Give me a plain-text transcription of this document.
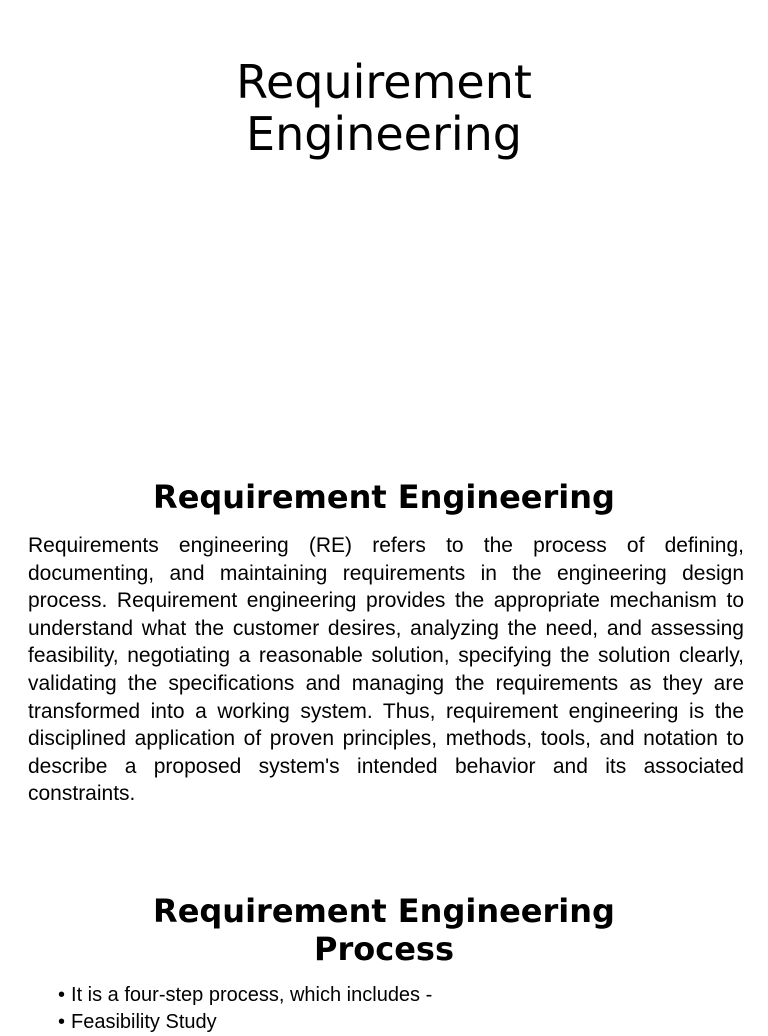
Requirement
Engineering
Requirement Engineering

Requirements engineering (RE) refers to the process of defining, documenting, and maintaining requirements in the engineering design process. Requirement engineering provides the appropriate mechanism to understand what the customer desires, analyzing the need, and assessing feasibility, negotiating a reasonable solution, specifying the solution clearly, validating the specifications and managing the requirements as they are transformed into a working system. Thus, requirement engineering is the disciplined application of proven principles, methods, tools, and notation to describe a proposed system's intended behavior and its associated constraints.

Requirement Engineering
Process
• It is a four-step process, which includes -
• Feasibility Study
